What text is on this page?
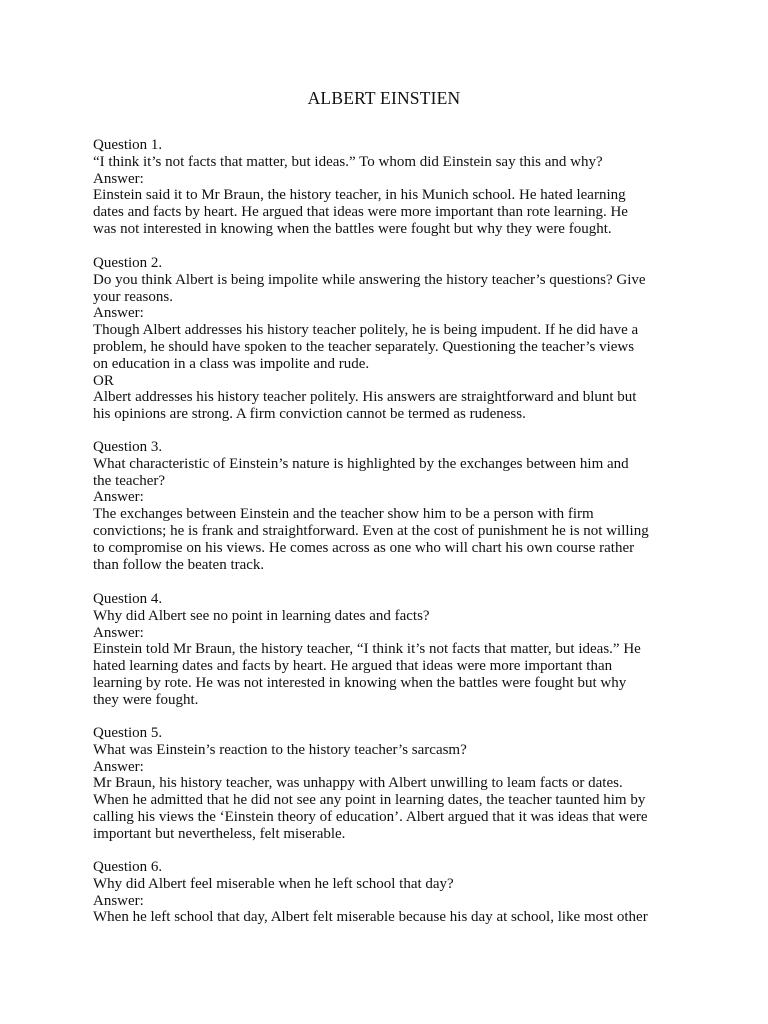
ALBERT EINSTIEN
Question 1.
“I think it’s not facts that matter, but ideas.” To whom did Einstein say this and why?
Answer:
Einstein said it to Mr Braun, the history teacher, in his Munich school. He hated learning
dates and facts by heart. He argued that ideas were more important than rote learning. He
was not interested in knowing when the battles were fought but why they were fought.
Question 2.
Do you think Albert is being impolite while answering the history teacher’s questions? Give
your reasons.
Answer:
Though Albert addresses his history teacher politely, he is being impudent. If he did have a
problem, he should have spoken to the teacher separately. Questioning the teacher’s views
on education in a class was impolite and rude.
OR
Albert addresses his history teacher politely. His answers are straightforward and blunt but
his opinions are strong. A firm conviction cannot be termed as rudeness.
Question 3.
What characteristic of Einstein’s nature is highlighted by the exchanges between him and
the teacher?
Answer:
The exchanges between Einstein and the teacher show him to be a person with firm
convictions; he is frank and straightforward. Even at the cost of punishment he is not willing
to compromise on his views. He comes across as one who will chart his own course rather
than follow the beaten track.
Question 4.
Why did Albert see no point in learning dates and facts?
Answer:
Einstein told Mr Braun, the history teacher, “I think it’s not facts that matter, but ideas.” He
hated learning dates and facts by heart. He argued that ideas were more important than
learning by rote. He was not interested in knowing when the battles were fought but why
they were fought.
Question 5.
What was Einstein’s reaction to the history teacher’s sarcasm?
Answer:
Mr Braun, his history teacher, was unhappy with Albert unwilling to leam facts or dates.
When he admitted that he did not see any point in learning dates, the teacher taunted him by
calling his views the ‘Einstein theory of education’. Albert argued that it was ideas that were
important but nevertheless, felt miserable.
Question 6.
Why did Albert feel miserable when he left school that day?
Answer:
When he left school that day, Albert felt miserable because his day at school, like most other
